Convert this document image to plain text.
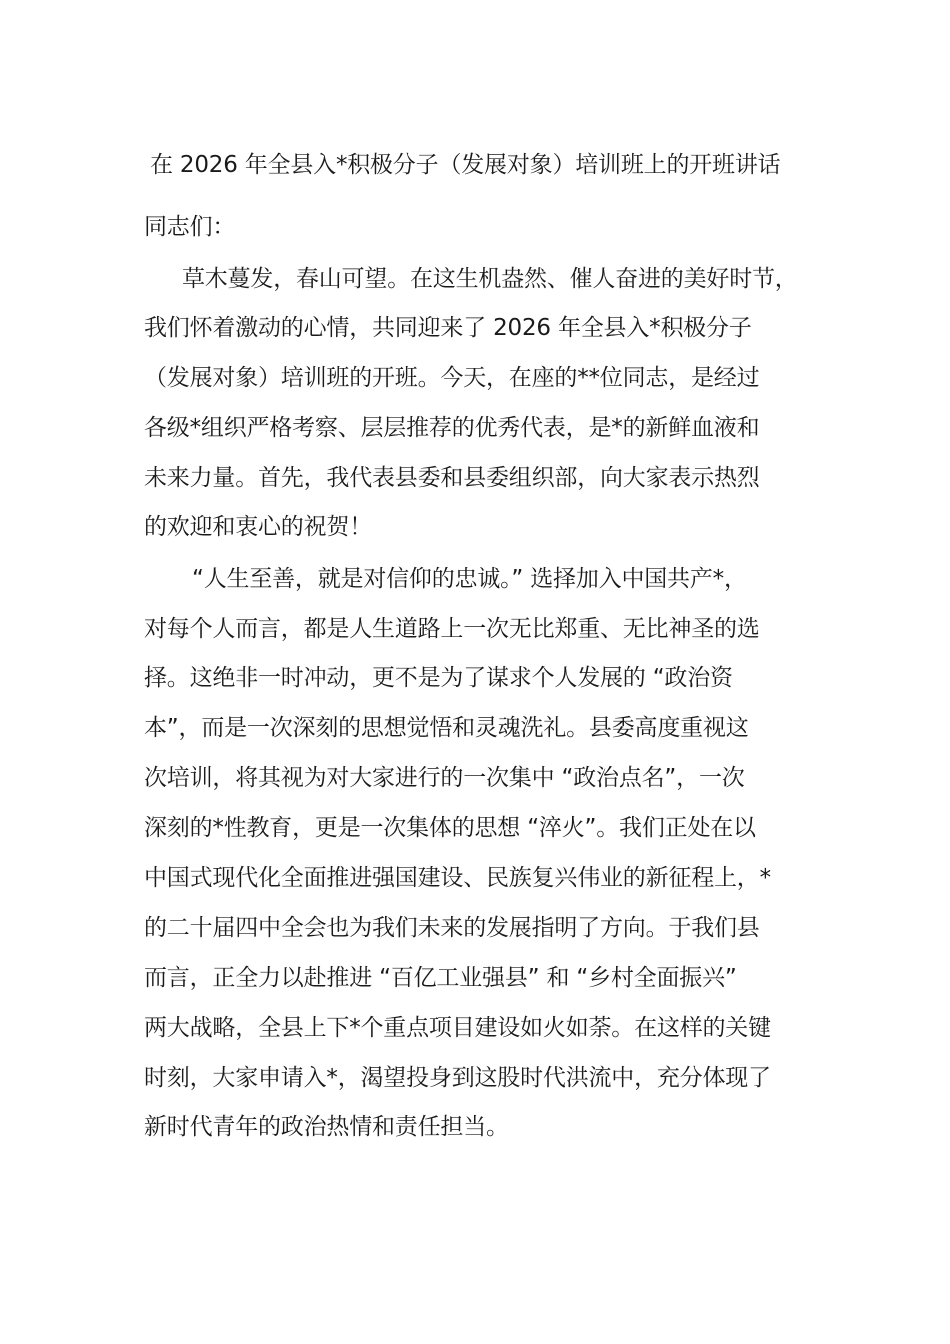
在 2026 年全县入*积极分子（发展对象）培训班上的开班讲话
同志们：
草木蔓发，春山可望。在这生机盎然、催人奋进的美好时节，
我们怀着激动的心情，共同迎来了 2026 年全县入*积极分子
（发展对象）培训班的开班。今天，在座的**位同志，是经过
各级*组织严格考察、层层推荐的优秀代表，是*的新鲜血液和
未来力量。首先，我代表县委和县委组织部，向大家表示热烈
的欢迎和衷心的祝贺！
“人生至善，就是对信仰的忠诚。” 选择加入中国共产*，
对每个人而言，都是人生道路上一次无比郑重、无比神圣的选
择。这绝非一时冲动，更不是为了谋求个人发展的 “政治资
本”，而是一次深刻的思想觉悟和灵魂洗礼。县委高度重视这
次培训，将其视为对大家进行的一次集中 “政治点名”，一次
深刻的*性教育，更是一次集体的思想 “淬火”。我们正处在以
中国式现代化全面推进强国建设、民族复兴伟业的新征程上，*
的二十届四中全会也为我们未来的发展指明了方向。于我们县
而言，正全力以赴推进 “百亿工业强县” 和 “乡村全面振兴”
两大战略，全县上下*个重点项目建设如火如荼。在这样的关键
时刻，大家申请入*，渴望投身到这股时代洪流中，充分体现了
新时代青年的政治热情和责任担当。
